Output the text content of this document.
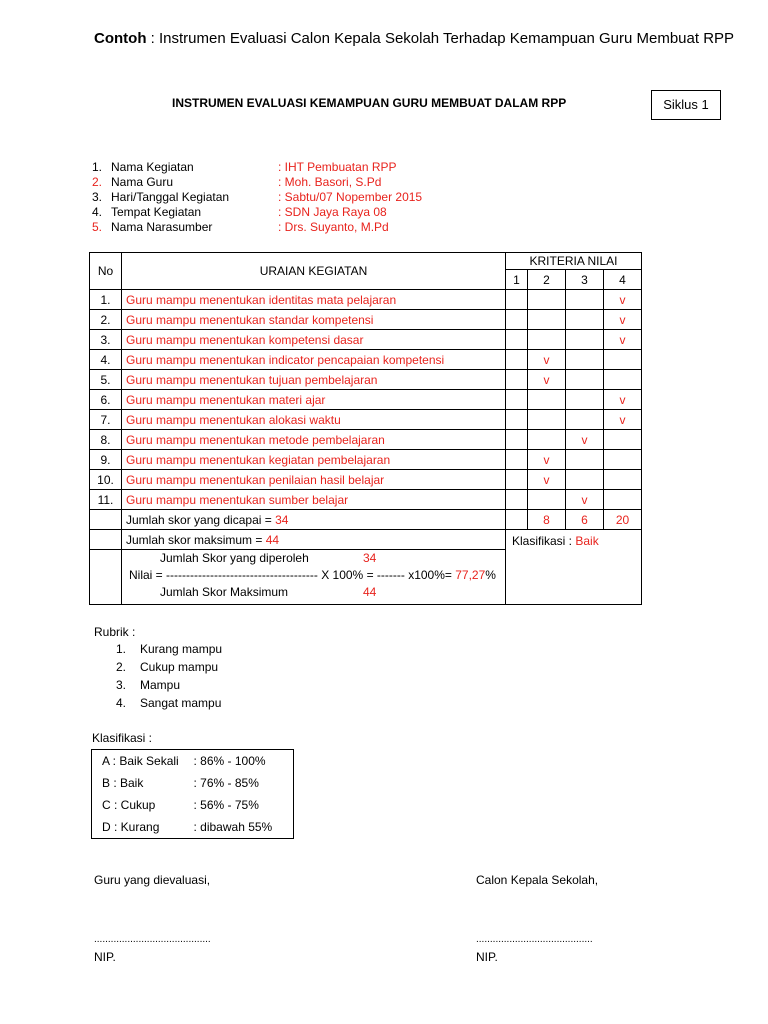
Contoh : Instrumen Evaluasi Calon Kepala Sekolah Terhadap Kemampuan Guru Membuat RPP
INSTRUMEN EVALUASI KEMAMPUAN GURU MEMBUAT DALAM RPP	Siklus 1
1. Nama Kegiatan	: IHT Pembuatan RPP
2. Nama Guru	: Moh. Basori, S.Pd
3. Hari/Tanggal Kegiatan	: Sabtu/07 Nopember 2015
4. Tempat Kegiatan	: SDN Jaya Raya 08
5. Nama Narasumber	: Drs. Suyanto, M.Pd
No	URAIAN KEGIATAN	KRITERIA NILAI			
		1	2	3	4
1.	Guru mampu menentukan identitas mata pelajaran				v
2.	Guru mampu menentukan standar kompetensi				v
3.	Guru mampu menentukan kompetensi dasar				v
4.	Guru mampu menentukan indicator pencapaian kompetensi		v		
5.	Guru mampu menentukan tujuan pembelajaran		v		
6.	Guru mampu menentukan materi ajar				v
7.	Guru mampu menentukan alokasi waktu				v
8.	Guru mampu menentukan metode pembelajaran			v	
9.	Guru mampu menentukan kegiatan pembelajaran		v		
10.	Guru mampu menentukan penilaian hasil belajar		v		
11.	Guru mampu menentukan sumber belajar			v	
	Jumlah skor yang dicapai = 34		8	6	20
	Jumlah skor maksimum = 44	Klasifikasi : Baik			

	Jumlah Skor yang diperoleh 34
Nilai = -------------------------------------- X 100% = ------- x100%= 77,27%
Jumlah Skor Maksimum 44				
Rubrik :
1. Kurang mampu
2. Cukup mampu
3. Mampu
4. Sangat mampu
Klasifikasi :
A : Baik Sekali	: 86% - 100%
B : Baik	: 76% - 85%
C : Cukup	: 56% - 75%
D : Kurang	: dibawah 55%
Guru yang dievaluasi,	Calon Kepala Sekolah,
..........................................	..........................................
NIP.	NIP.
